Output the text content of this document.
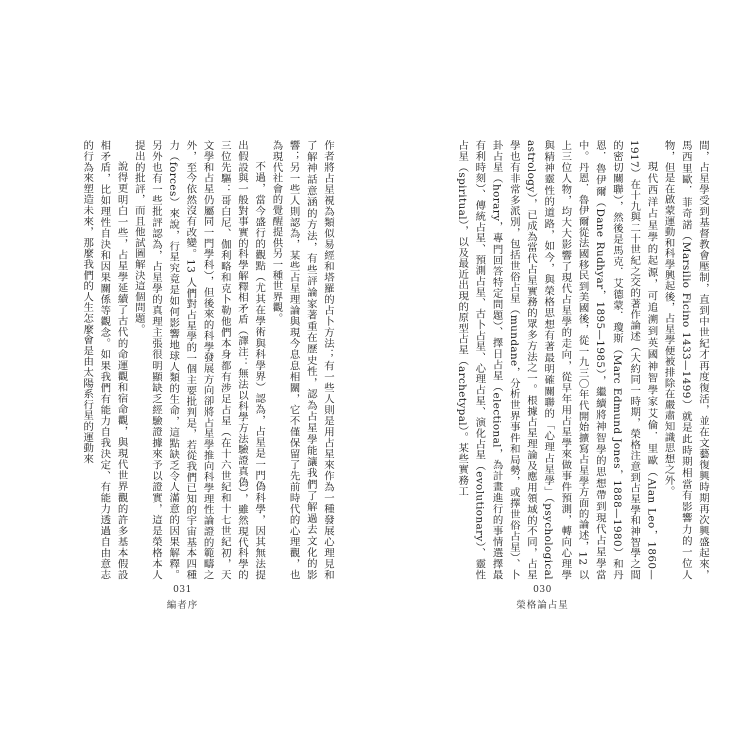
間，占星學受到基督教會壓制，直到中世紀才再度復活，並在文藝復興時期再次興盛起來，馬西里歐．菲奇諾（Marsilio Ficino 1433—1499）就是此時期相當有影響力的一位人物，但是在啟蒙運動和科學興起後，占星學便被排除在嚴肅知識思想之外。

現代西洋占星學的起源，可追溯到英國神智學家艾倫．里歐（Alan Leo，1860—1917）在十九與二十世紀之交的著作論述（大約同一時期，榮格注意到占星學和神智學之間的密切關聯），然後是馬克．艾德蒙．瓊斯（Marc Edmund Jones，1888—1980）和丹恩．魯伊爾（Dane Rudhyar，1895—1985），繼續將神智學的思想帶到現代占星學當中。丹恩．魯伊爾從法國移民到美國後，從一九三〇年代開始擴寫占星學方面的論述，12 以上三位人物，均大大影響了現代占星學的走向，從早年用占星學來做事件預測，轉向心理學與精神靈性的道路，如今，與榮格思想有著最明確關聯的「心理占星學」（psychological astrology），已成為當代占星實務的眾多方法之一。根據占星理論及應用領域的不同，占星學也有非常多派別，包括世俗占星（mundane，分析世界事件和局勢，或擇世俗占星）、卜卦占星（horary，專門回答特定問題）、擇日占星（electional，為計畫進行的事情選擇最有利時刻）、傳統占星、預測占星、古卜占星、心理占星、演化占星（evolutionary）、靈性占星（spiritual），以及最近出現的原型占星（archetypal）。某些實務工

030
榮格論占星

作者將占星視為類似易經和塔羅的占卜方法；有一些人則是用占星來作為一種發展心理見和了解神話意涵的方法，有些評論家著重在歷史性，認為占星學能讓我們了解過去文化的影響；另一些人則認為，某些占星理論與現今息息相關，它不僅保留了先前時代的心理觀，也為現代社會的覺醒提供另一種世界觀。

不過，當今盛行的觀點（尤其在學術與科學界）認為，占星是一門偽科學，因其無法提出假設與一般對事實的科學解釋相矛盾（譯注：無法以科學方法驗證真偽），雖然現代科學的三位先驅：哥白尼、伽利略和克卜勒他們本身都有涉足占星（在十六世紀和十七世紀初，天文學和占星仍屬同一門學科），但後來的科學發展方向卻將占星學推向科學理性論證的範疇之外，至今依然沒有改變。13 人們對占星學的一個主要批判是，若從我們已知的宇宙基本四種力（forces）來說，行星究竟是如何影響地球人類的生命，這點缺乏令人滿意的因果解釋。另外也有一些批評認為，占星學的真理主張很明顯缺乏經驗證據來予以證實，這是榮格本人提出的批評，而且他試圖解決這個問題。

說得更明白一些，占星學延續了古代的命運觀和宿命觀，與現代世界觀的許多基本假設相矛盾，比如理性自決和因果關係等觀念。如果我們有能力自我決定、有能力透過自由意志的行為來塑造未來，那麼我們的人生怎麼會是由太陽系行星的運動來

031
編者序
